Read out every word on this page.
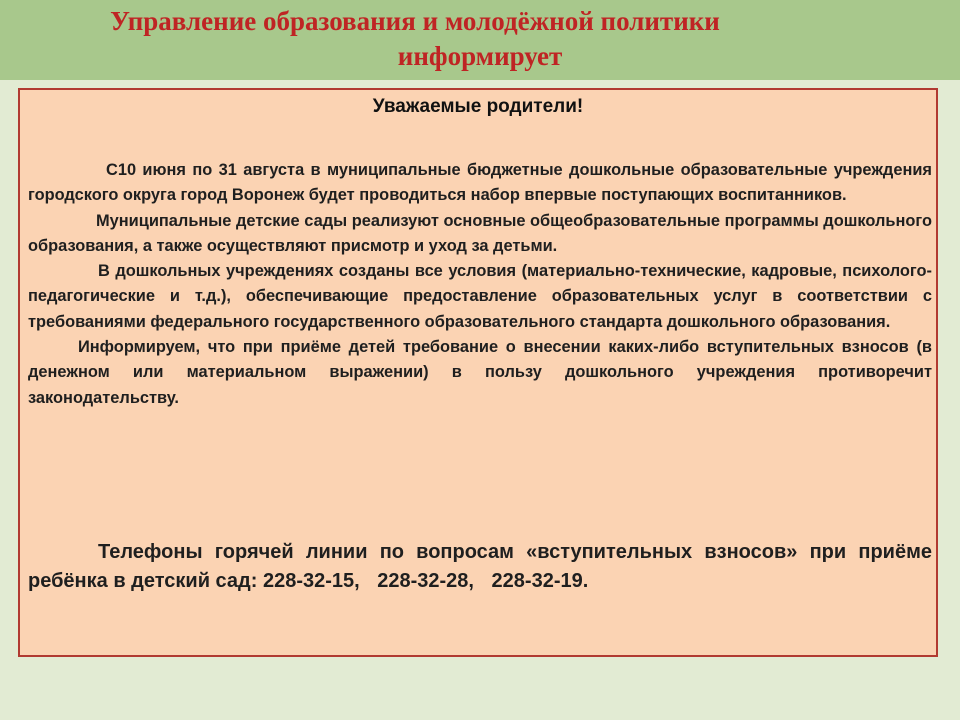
Управление образования и молодёжной политики
информирует
Уважаемые родители!

С10 июня по 31 августа в муниципальные бюджетные дошкольные образовательные учреждения городского округа город Воронеж будет проводиться набор впервые поступающих воспитанников.

Муниципальные детские сады реализуют основные общеобразовательные программы дошкольного образования, а также осуществляют присмотр и уход за детьми.

В дошкольных учреждениях созданы все условия (материально-технические, кадровые, психолого-педагогические и т.д.), обеспечивающие предоставление образовательных услуг в соответствии с требованиями федерального государственного образовательного стандарта дошкольного образования.

Информируем, что при приёме детей требование о внесении каких-либо вступительных взносов (в денежном или материальном выражении) в пользу дошкольного учреждения противоречит законодательству.

Телефоны горячей линии по вопросам «вступительных взносов» при приёме ребёнка в детский сад: 228-32-15, 228-32-28, 228-32-19.
